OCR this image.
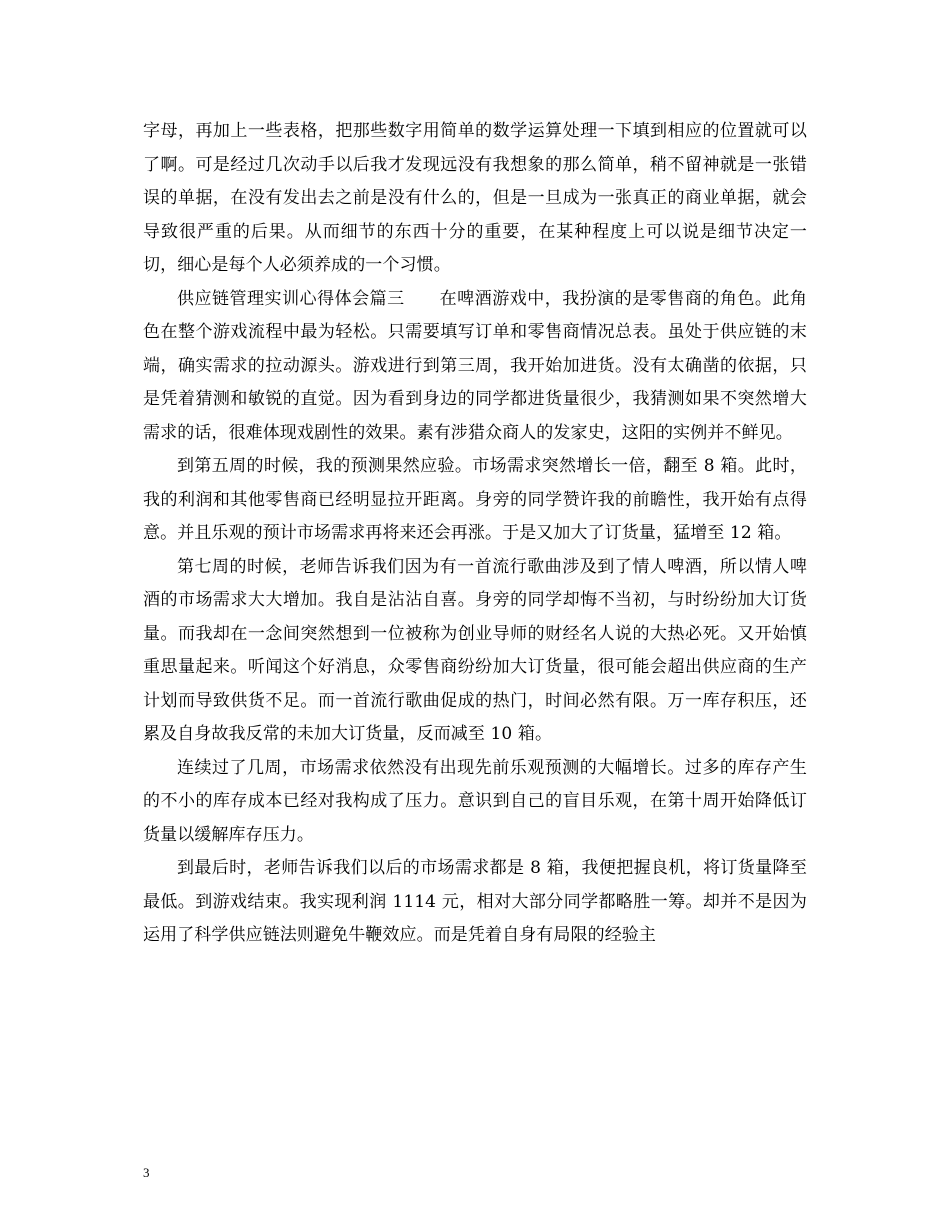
字母，再加上一些表格，把那些数字用简单的数学运算处理一下填到相应的位置就可以了啊。可是经过几次动手以后我才发现远没有我想象的那么简单，稍不留神就是一张错误的单据，在没有发出去之前是没有什么的，但是一旦成为一张真正的商业单据，就会导致很严重的后果。从而细节的东西十分的重要，在某种程度上可以说是细节决定一切，细心是每个人必须养成的一个习惯。

供应链管理实训心得体会篇三　　在啤酒游戏中，我扮演的是零售商的角色。此角色在整个游戏流程中最为轻松。只需要填写订单和零售商情况总表。虽处于供应链的末端，确实需求的拉动源头。游戏进行到第三周，我开始加进货。没有太确凿的依据，只是凭着猜测和敏锐的直觉。因为看到身边的同学都进货量很少，我猜测如果不突然增大需求的话，很难体现戏剧性的效果。素有涉猎众商人的发家史，这阳的实例并不鲜见。

到第五周的时候，我的预测果然应验。市场需求突然增长一倍，翻至 8 箱。此时，我的利润和其他零售商已经明显拉开距离。身旁的同学赞许我的前瞻性，我开始有点得意。并且乐观的预计市场需求再将来还会再涨。于是又加大了订货量，猛增至 12 箱。

第七周的时候，老师告诉我们因为有一首流行歌曲涉及到了情人啤酒，所以情人啤酒的市场需求大大增加。我自是沾沾自喜。身旁的同学却悔不当初，与时纷纷加大订货量。而我却在一念间突然想到一位被称为创业导师的财经名人说的大热必死。又开始慎重思量起来。听闻这个好消息，众零售商纷纷加大订货量，很可能会超出供应商的生产计划而导致供货不足。而一首流行歌曲促成的热门，时间必然有限。万一库存积压，还累及自身故我反常的未加大订货量，反而减至 10 箱。

连续过了几周，市场需求依然没有出现先前乐观预测的大幅增长。过多的库存产生的不小的库存成本已经对我构成了压力。意识到自己的盲目乐观，在第十周开始降低订货量以缓解库存压力。

到最后时，老师告诉我们以后的市场需求都是 8 箱，我便把握良机，将订货量降至最低。到游戏结束。我实现利润 1114 元，相对大部分同学都略胜一筹。却并不是因为运用了科学供应链法则避免牛鞭效应。而是凭着自身有局限的经验主

3
